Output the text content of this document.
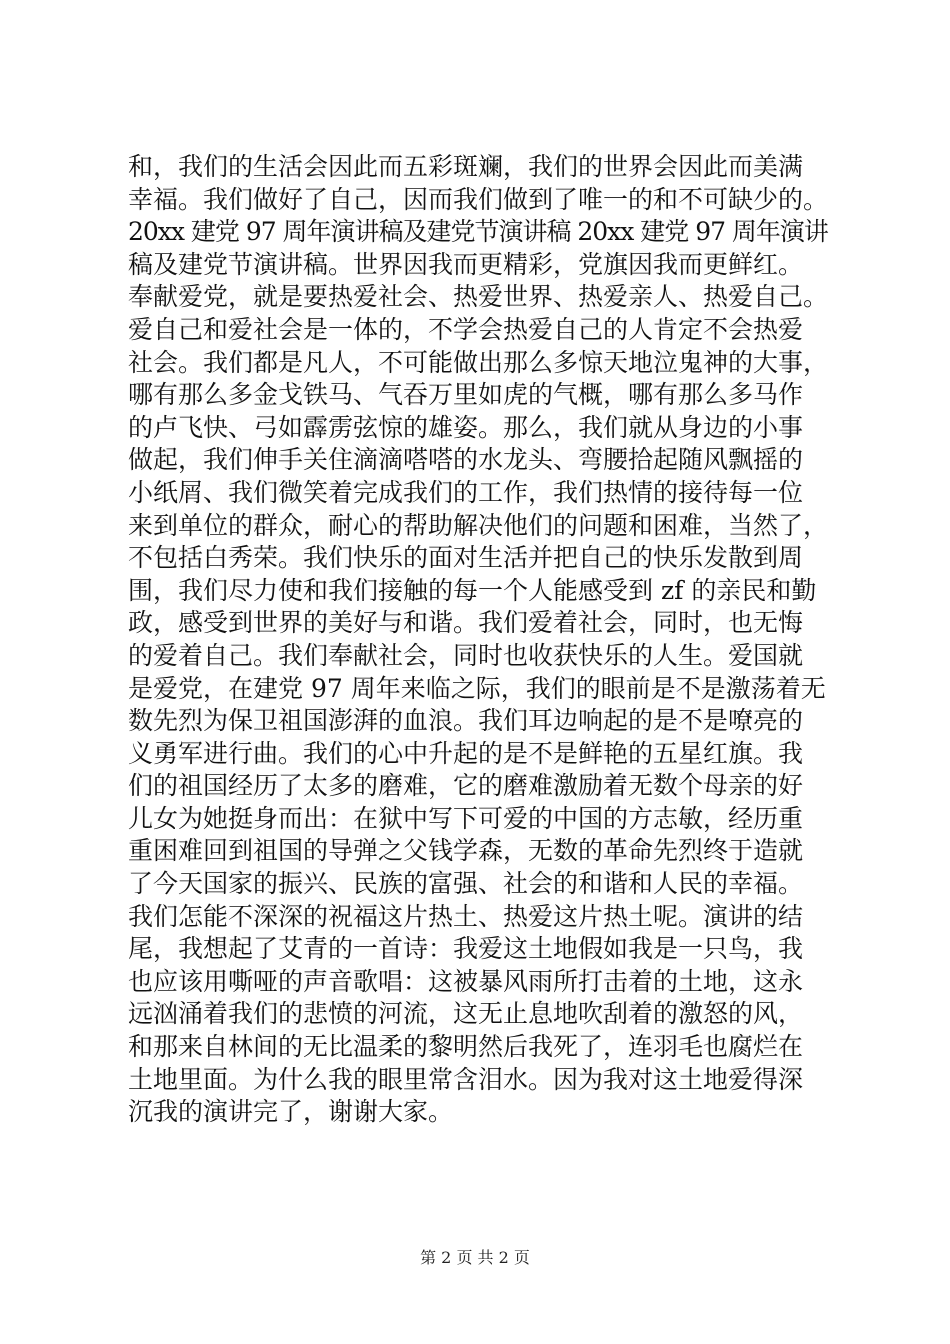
和，我们的生活会因此而五彩斑斓，我们的世界会因此而美满
幸福。我们做好了自己，因而我们做到了唯一的和不可缺少的。
20xx 建党 97 周年演讲稿及建党节演讲稿 20xx 建党 97 周年演讲
稿及建党节演讲稿。世界因我而更精彩，党旗因我而更鲜红。
奉献爱党，就是要热爱社会、热爱世界、热爱亲人、热爱自己。
爱自己和爱社会是一体的，不学会热爱自己的人肯定不会热爱
社会。我们都是凡人，不可能做出那么多惊天地泣鬼神的大事，
哪有那么多金戈铁马、气吞万里如虎的气概，哪有那么多马作
的卢飞快、弓如霹雳弦惊的雄姿。那么，我们就从身边的小事
做起，我们伸手关住滴滴嗒嗒的水龙头、弯腰拾起随风飘摇的
小纸屑、我们微笑着完成我们的工作，我们热情的接待每一位
来到单位的群众，耐心的帮助解决他们的问题和困难，当然了，
不包括白秀荣。我们快乐的面对生活并把自己的快乐发散到周
围，我们尽力使和我们接触的每一个人能感受到 zf 的亲民和勤
政，感受到世界的美好与和谐。我们爱着社会，同时，也无悔
的爱着自己。我们奉献社会，同时也收获快乐的人生。爱国就
是爱党，在建党 97 周年来临之际，我们的眼前是不是激荡着无
数先烈为保卫祖国澎湃的血浪。我们耳边响起的是不是嘹亮的
义勇军进行曲。我们的心中升起的是不是鲜艳的五星红旗。我
们的祖国经历了太多的磨难，它的磨难激励着无数个母亲的好
儿女为她挺身而出：在狱中写下可爱的中国的方志敏，经历重
重困难回到祖国的导弹之父钱学森，无数的革命先烈终于造就
了今天国家的振兴、民族的富强、社会的和谐和人民的幸福。
我们怎能不深深的祝福这片热土、热爱这片热土呢。演讲的结
尾，我想起了艾青的一首诗：我爱这土地假如我是一只鸟，我
也应该用嘶哑的声音歌唱：这被暴风雨所打击着的土地，这永
远汹涌着我们的悲愤的河流，这无止息地吹刮着的激怒的风，
和那来自林间的无比温柔的黎明然后我死了，连羽毛也腐烂在
土地里面。为什么我的眼里常含泪水。因为我对这土地爱得深
沉我的演讲完了，谢谢大家。
第 2 页 共 2 页
